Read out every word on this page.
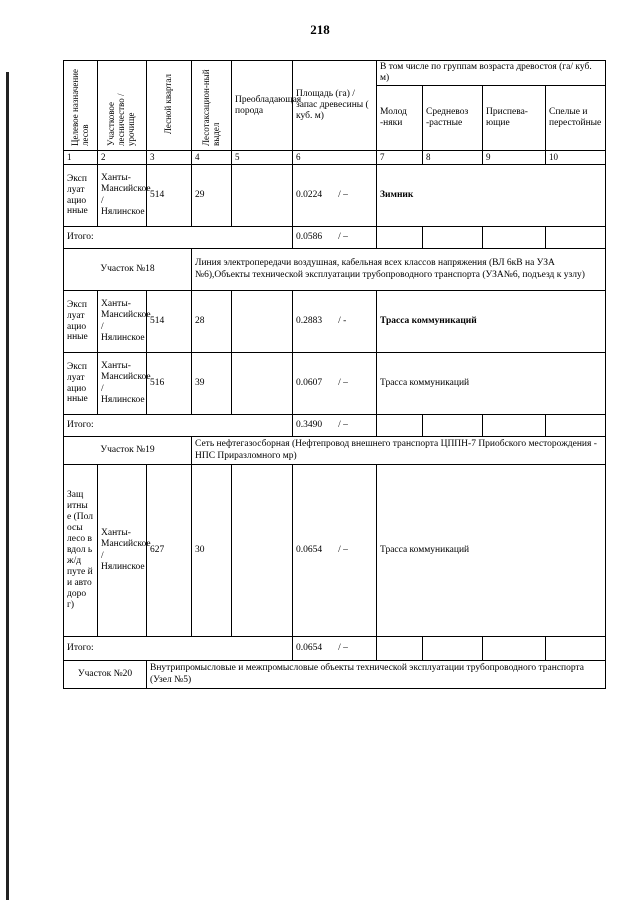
218
Целевое назначение лесов	Участковое лесничество / урочище	Лесной квартал	Лесотаксацион-ный выдел	Преобладающая порода	Площадь (га) / запас древесины ( куб. м)	В том числе по группам возраста древостоя (га/ куб. м)			
						Молод -няки	Средневоз -растные	Приспева- ющие	Спелые и перестойные
1	2	3	4	5	6	7	8	9	10
Эксп луат ацио нные	Ханты-Мансийское / Нялинское	514	29		0.0224 / –	Зимник			
Итого:					0.0586 / –				
Участок №18			Линия электропередачи воздушная, кабельная всех классов напряжения (ВЛ 6кВ на УЗА №6),Объекты технической эксплуатации трубопроводного транспорта (УЗА№6, подъезд к узлу)						
Эксп луат ацио нные	Ханты-Мансийское / Нялинское	514	28		0.2883 / -	Трасса коммуникаций			
Эксп луат ацио нные	Ханты-Мансийское / Нялинское	516	39		0.0607 / –	Трасса коммуникаций			
Итого:					0.3490 / –				
Участок №19			Сеть нефтегазосборная (Нефтепровод внешнего транспорта ЦППН-7 Приобского месторождения - НПС Приразломного мр)						
Защ итны е (Пол осы лесо в вдол ь ж/д путе й и авто доро г)	Ханты-Мансийское / Нялинское	627	30		0.0654 / –	Трасса коммуникаций			
Итого:					0.0654 / –				
Участок №20		Внутрипромысловые и межпромысловые объекты технической эксплуатации трубопроводного транспорта (Узел №5)							
